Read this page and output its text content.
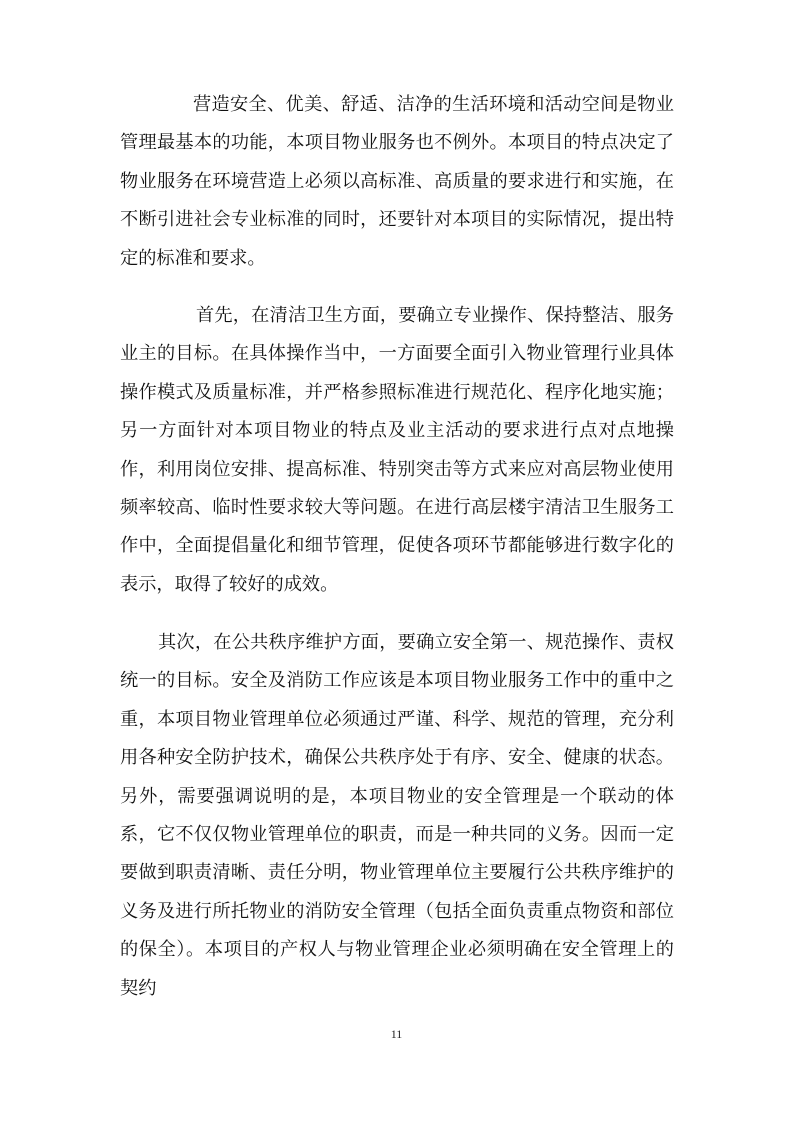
营造安全、优美、舒适、洁净的生活环境和活动空间是物业管理最基本的功能，本项目物业服务也不例外。本项目的特点决定了物业服务在环境营造上必须以高标准、高质量的要求进行和实施，在不断引进社会专业标准的同时，还要针对本项目的实际情况，提出特定的标准和要求。

首先，在清洁卫生方面，要确立专业操作、保持整洁、服务业主的目标。在具体操作当中，一方面要全面引入物业管理行业具体操作模式及质量标准，并严格参照标准进行规范化、程序化地实施；另一方面针对本项目物业的特点及业主活动的要求进行点对点地操作，利用岗位安排、提高标准、特别突击等方式来应对高层物业使用频率较高、临时性要求较大等问题。在进行高层楼宇清洁卫生服务工作中，全面提倡量化和细节管理，促使各项环节都能够进行数字化的表示，取得了较好的成效。

其次，在公共秩序维护方面，要确立安全第一、规范操作、责权统一的目标。安全及消防工作应该是本项目物业服务工作中的重中之重，本项目物业管理单位必须通过严谨、科学、规范的管理，充分利用各种安全防护技术，确保公共秩序处于有序、安全、健康的状态。另外，需要强调说明的是，本项目物业的安全管理是一个联动的体系，它不仅仅物业管理单位的职责，而是一种共同的义务。因而一定要做到职责清晰、责任分明，物业管理单位主要履行公共秩序维护的义务及进行所托物业的消防安全管理（包括全面负责重点物资和部位的保全）。本项目的产权人与物业管理企业必须明确在安全管理上的契约

11
